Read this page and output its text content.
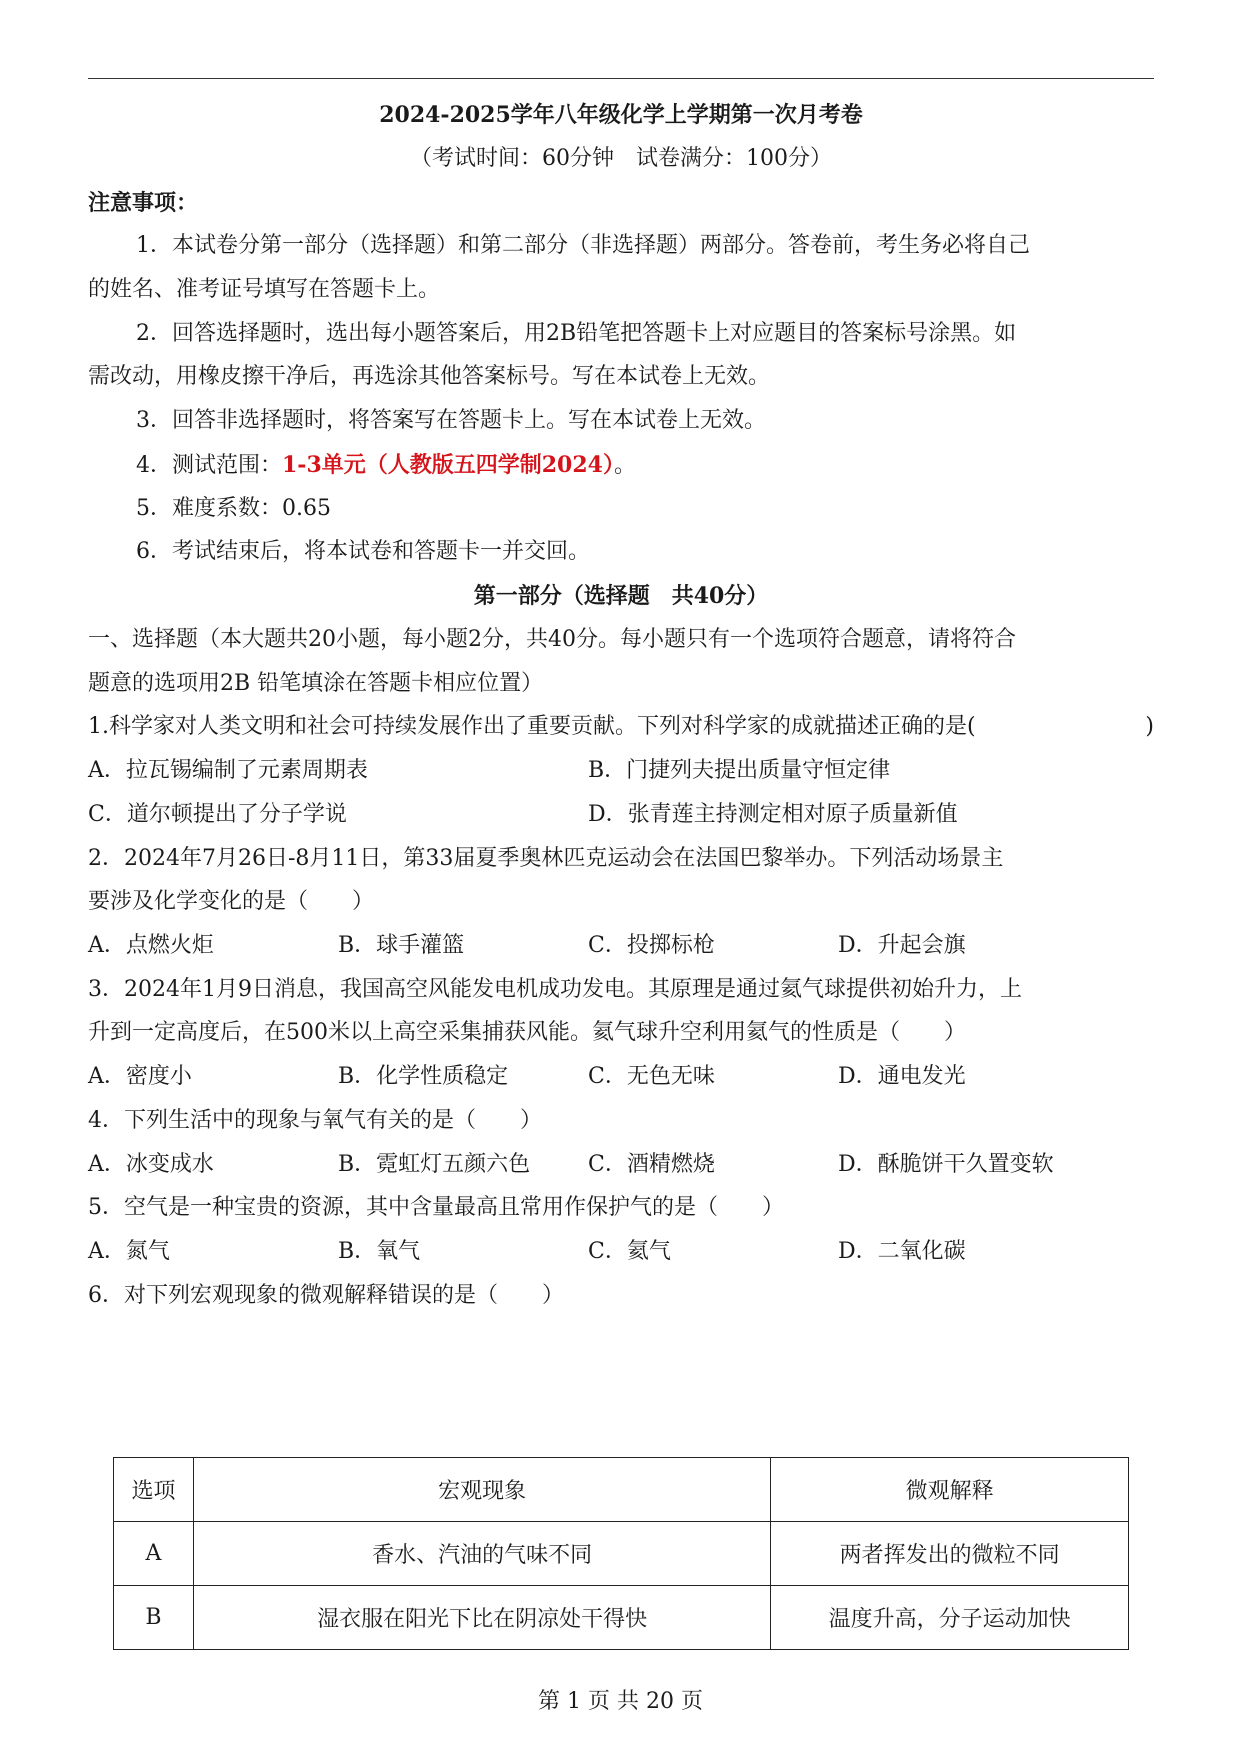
2024-2025学年八年级化学上学期第一次月考卷
（考试时间：60分钟　试卷满分：100分）
注意事项：
1．本试卷分第一部分（选择题）和第二部分（非选择题）两部分。答卷前，考生务必将自己
的姓名、准考证号填写在答题卡上。
2．回答选择题时，选出每小题答案后，用2B铅笔把答题卡上对应题目的答案标号涂黑。如
需改动，用橡皮擦干净后，再选涂其他答案标号。写在本试卷上无效。
3．回答非选择题时，将答案写在答题卡上。写在本试卷上无效。
4．测试范围：1-3单元（人教版五四学制2024）。
5．难度系数：0.65
6．考试结束后，将本试卷和答题卡一并交回。
第一部分（选择题　共40分）
一、选择题（本大题共20小题，每小题2分，共40分。每小题只有一个选项符合题意，请将符合
题意的选项用2B 铅笔填涂在答题卡相应位置）
1.科学家对人类文明和社会可持续发展作出了重要贡献。下列对科学家的成就描述正确的是(	)
A．拉瓦锡编制了元素周期表	B．门捷列夫提出质量守恒定律
C．道尔顿提出了分子学说	D．张青莲主持测定相对原子质量新值
2．2024年7月26日-8月11日，第33届夏季奥林匹克运动会在法国巴黎举办。下列活动场景主
要涉及化学变化的是（　　）
A．点燃火炬	B．球手灌篮	C．投掷标枪	D．升起会旗
3．2024年1月9日消息，我国高空风能发电机成功发电。其原理是通过氦气球提供初始升力，上
升到一定高度后，在500米以上高空采集捕获风能。氦气球升空利用氦气的性质是（　　）
A．密度小	B．化学性质稳定	C．无色无味	D．通电发光
4．下列生活中的现象与氧气有关的是（　　）
A．冰变成水	B．霓虹灯五颜六色	C．酒精燃烧	D．酥脆饼干久置变软
5．空气是一种宝贵的资源，其中含量最高且常用作保护气的是（　　）
A．氮气	B．氧气	C．氦气	D．二氧化碳
6．对下列宏观现象的微观解释错误的是（　　）
选项	宏观现象	微观解释
A	香水、汽油的气味不同	两者挥发出的微粒不同
B	湿衣服在阳光下比在阴凉处干得快	温度升高，分子运动加快
第 1 页 共 20 页
